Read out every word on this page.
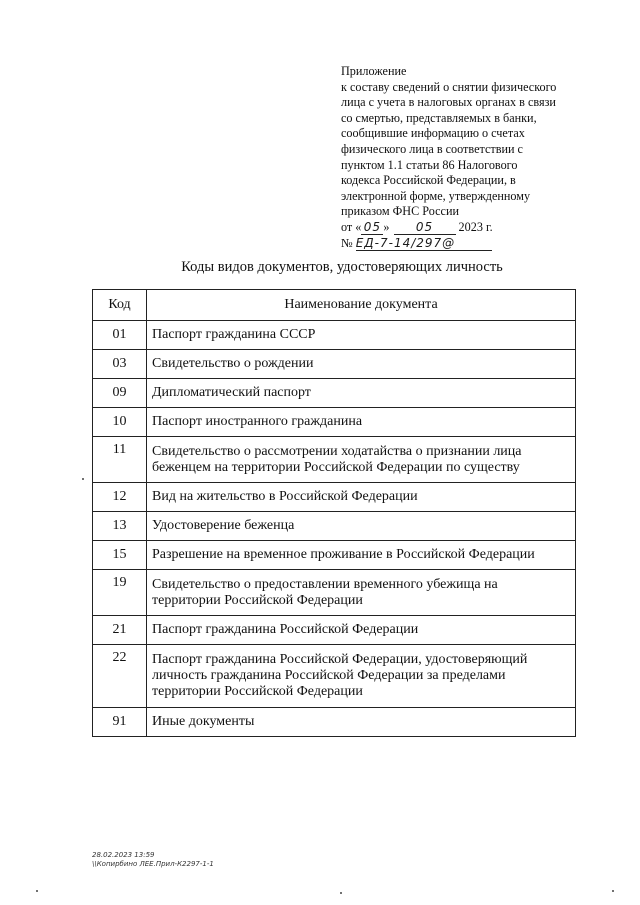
Приложение
к составу сведений о снятии физического
лица с учета в налоговых органах в связи
со смертью, представляемых в банки,
сообщившие информацию о счетах
физического лица в соответствии с
пунктом 1.1 статьи 86 Налогового
кодекса Российской Федерации, в
электронной форме, утвержденному
приказом ФНС России
от « 05 » 05 2023 г.
№ ЕД-7-14/297@
Коды видов документов, удостоверяющих личность
Код	Наименование документа
01	Паспорт гражданина СССР
03	Свидетельство о рождении
09	Дипломатический паспорт
10	Паспорт иностранного гражданина
11	Свидетельство о рассмотрении ходатайства о признании лица беженцем на территории Российской Федерации по существу
12	Вид на жительство в Российской Федерации
13	Удостоверение беженца
15	Разрешение на временное проживание в Российской Федерации
19	Свидетельство о предоставлении временного убежища на территории Российской Федерации
21	Паспорт гражданина Российской Федерации
22	Паспорт гражданина Российской Федерации, удостоверяющий личность гражданина Российской Федерации за пределами территории Российской Федерации
91	Иные документы
28.02.2023 13:59
\\Копирбино ЛЕЕ.Прил-К2297-1-1
